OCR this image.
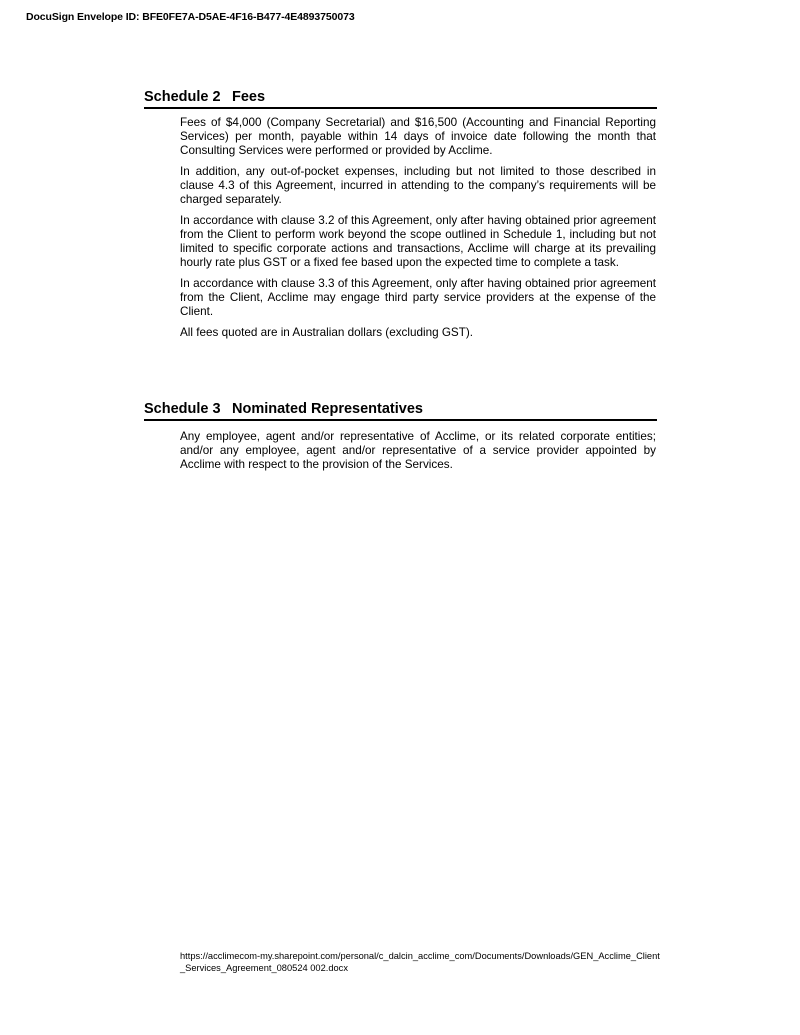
DocuSign Envelope ID: BFE0FE7A-D5AE-4F16-B477-4E4893750073
Schedule 2 Fees

Fees of $4,000 (Company Secretarial) and $16,500 (Accounting and Financial Reporting Services) per month, payable within 14 days of invoice date following the month that Consulting Services were performed or provided by Acclime.

In addition, any out-of-pocket expenses, including but not limited to those described in clause 4.3 of this Agreement, incurred in attending to the company’s requirements will be charged separately.

In accordance with clause 3.2 of this Agreement, only after having obtained prior agreement from the Client to perform work beyond the scope outlined in Schedule 1, including but not limited to specific corporate actions and transactions, Acclime will charge at its prevailing hourly rate plus GST or a fixed fee based upon the expected time to complete a task.

In accordance with clause 3.3 of this Agreement, only after having obtained prior agreement from the Client, Acclime may engage third party service providers at the expense of the Client.

All fees quoted are in Australian dollars (excluding GST).

Schedule 3 Nominated Representatives

Any employee, agent and/or representative of Acclime, or its related corporate entities; and/or any employee, agent and/or representative of a service provider appointed by Acclime with respect to the provision of the Services.

https://acclimecom-my.sharepoint.com/personal/c_dalcin_acclime_com/Documents/Downloads/GEN_Acclime_Client_Services_Agreement_080524 002.docx
